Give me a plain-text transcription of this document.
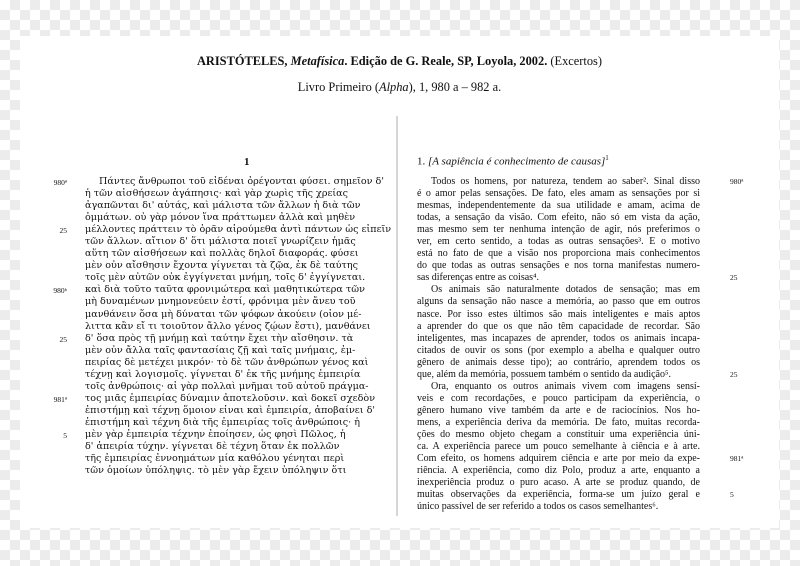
ARISTÓTELES, Metafísica. Edição de G. Reale, SP, Loyola, 2002. (Excertos)
Livro Primeiro (Alpha), 1, 980 a – 982 a.
1
Πάντες ἄνθρωποι τοῦ εἰδέναι ὀρέγονται φύσει. σημεῖον δ'
980ª
ἡ τῶν αἰσθήσεων ἀγάπησις· καὶ γὰρ χωρὶς τῆς χρείας
ἀγαπῶνται δι' αὑτάς, καὶ μάλιστα τῶν ἄλλων ἡ διὰ τῶν
ὀμμάτων. οὐ γὰρ μόνον ἵνα πράττωμεν ἀλλὰ καὶ μηθὲν
μέλλοντες πράττειν τὸ ὁρᾶν αἱρούμεθα ἀντὶ πάντων ὡς εἰπεῖν
25
τῶν ἄλλων. αἴτιον δ' ὅτι μάλιστα ποιεῖ γνωρίζειν ἡμᾶς
αὕτη τῶν αἰσθήσεων καὶ πολλὰς δηλοῖ διαφοράς. φύσει
μὲν οὖν αἴσθησιν ἔχοντα γίγνεται τὰ ζῷα, ἐκ δὲ ταύτης
τοῖς μὲν αὐτῶν οὐκ ἐγγίγνεται μνήμη, τοῖς δ' ἐγγίγνεται.
καὶ διὰ τοῦτο ταῦτα φρονιμώτερα καὶ μαθητικώτερα τῶν
980ᵇ
μὴ δυναμένων μνημονεύειν ἐστί, φρόνιμα μὲν ἄνευ τοῦ
μανθάνειν ὅσα μὴ δύναται τῶν ψόφων ἀκούειν (οἷον μέ-
λιττα κἂν εἴ τι τοιοῦτον ἄλλο γένος ζῴων ἔστι), μανθάνει
δ' ὅσα πρὸς τῇ μνήμῃ καὶ ταύτην ἔχει τὴν αἴσθησιν. τὰ
25
μὲν οὖν ἄλλα ταῖς φαντασίαις ζῇ καὶ ταῖς μνήμαις, ἐμ-
πειρίας δὲ μετέχει μικρόν· τὸ δὲ τῶν ἀνθρώπων γένος καὶ
τέχνῃ καὶ λογισμοῖς. γίγνεται δ' ἐκ τῆς μνήμης ἐμπειρία
τοῖς ἀνθρώποις· αἱ γὰρ πολλαὶ μνῆμαι τοῦ αὐτοῦ πράγμα-
τος μιᾶς ἐμπειρίας δύναμιν ἀποτελοῦσιν. καὶ δοκεῖ σχεδὸν
981ª
ἐπιστήμῃ καὶ τέχνῃ ὅμοιον εἶναι καὶ ἐμπειρία, ἀποβαίνει δ'
ἐπιστήμη καὶ τέχνη διὰ τῆς ἐμπειρίας τοῖς ἀνθρώποις· ἡ
μὲν γὰρ ἐμπειρία τέχνην ἐποίησεν, ὡς φησὶ Πῶλος, ἡ
5
δ' ἀπειρία τύχην. γίγνεται δὲ τέχνη ὅταν ἐκ πολλῶν
τῆς ἐμπειρίας ἐννοημάτων μία καθόλου γένηται περὶ
τῶν ὁμοίων ὑπόληψις. τὸ μὲν γὰρ ἔχειν ὑπόληψιν ὅτι
1. [A sapiência é conhecimento de causas]$^1$
Todos os homens, por natureza, tendem ao saber². Sinal disso
é o amor pelas sensações. De fato, eles amam as sensações por si
mesmas, independentemente da sua utilidade e amam, acima de
todas, a sensação da visão. Com efeito, não só em vista da ação,
mas mesmo sem ter nenhuma intenção de agir, nós preferimos o
ver, em certo sentido, a todas as outras sensações³. E o motivo
está no fato de que a visão nos proporciona mais conhecimentos
do que todas as outras sensações e nos torna manifestas numero-
sas diferenças entre as coisas⁴.
Os animais são naturalmente dotados de sensação; mas em
alguns da sensação não nasce a memória, ao passo que em outros
nasce. Por isso estes últimos são mais inteligentes e mais aptos
a aprender do que os que não têm capacidade de recordar. São
inteligentes, mas incapazes de aprender, todos os animais incapa-
citados de ouvir os sons (por exemplo a abelha e qualquer outro
gênero de animais desse tipo); ao contrário, aprendem todos os
que, além da memória, possuem também o sentido da audição⁵.
Ora, enquanto os outros animais vivem com imagens sensí-
veis e com recordações, e pouco participam da experiência, o
gênero humano vive também da arte e de raciocínios. Nos ho-
mens, a experiência deriva da memória. De fato, muitas recorda-
ções do mesmo objeto chegam a constituir uma experiência úni-
ca. A experiência parece um pouco semelhante à ciência e à arte.
Com efeito, os homens adquirem ciência e arte por meio da expe-
riência. A experiência, como diz Polo, produz a arte, enquanto a
inexperiência produz o puro acaso. A arte se produz quando, de
muitas observações da experiência, forma-se um juízo geral e
único passível de ser referido a todos os casos semelhantes⁶.
980ª
25
25
981ª
5
